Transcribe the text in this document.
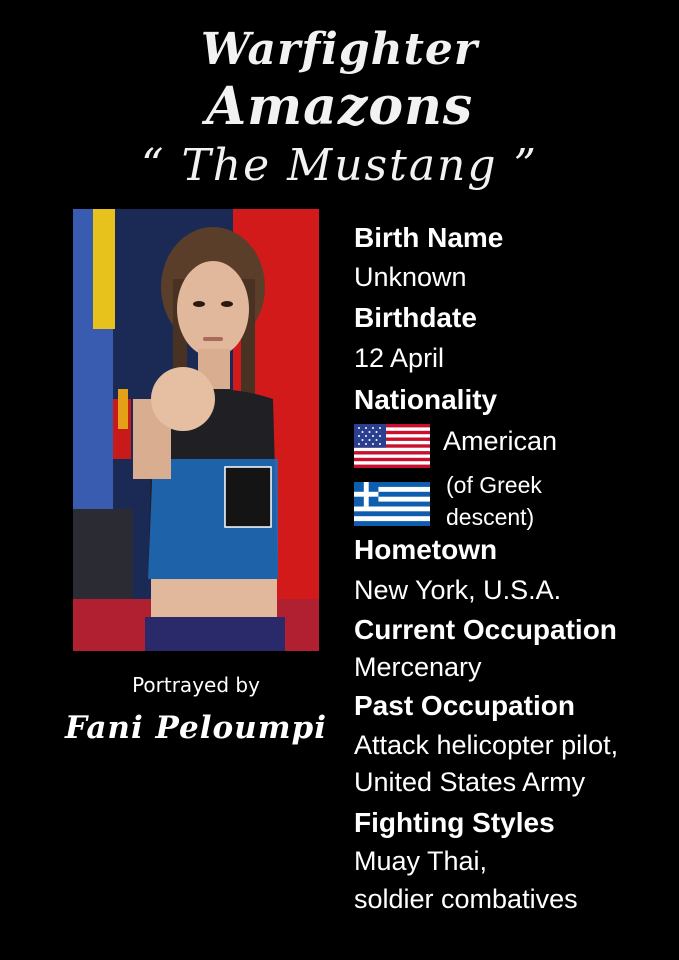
Warfighter
Amazons
“ The Mustang ”
Portrayed by
Fani Peloumpi
Birth Name
Unknown
Birthdate
12 April
Nationality
American
(of Greek
descent)
Hometown
New York, U.S.A.
Current Occupation
Mercenary
Past Occupation
Attack helicopter pilot,
United States Army
Fighting Styles
Muay Thai,
soldier combatives
